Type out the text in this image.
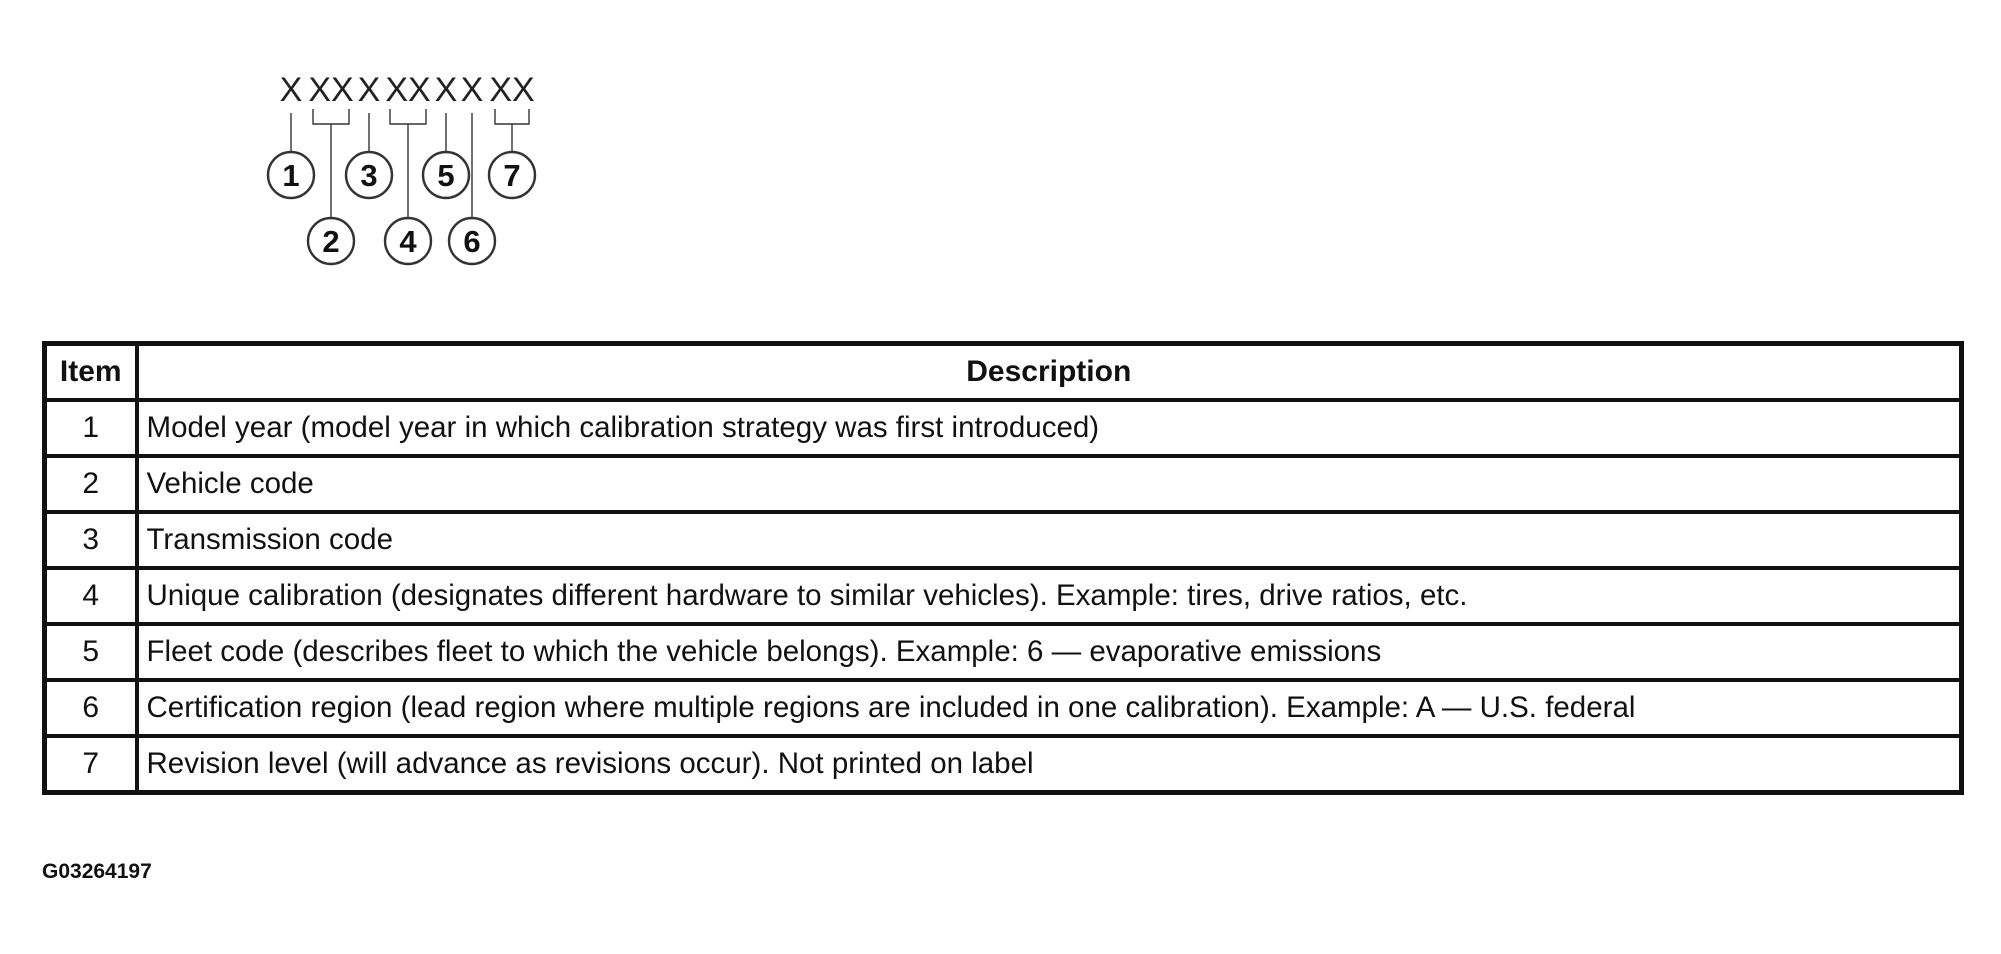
X XX X XX X X XX
1
2
3
4
5
6
7
Item	Description
1	Model year (model year in which calibration strategy was first introduced)
2	Vehicle code
3	Transmission code
4	Unique calibration (designates different hardware to similar vehicles). Example: tires, drive ratios, etc.
5	Fleet code (describes fleet to which the vehicle belongs). Example: 6 — evaporative emissions
6	Certification region (lead region where multiple regions are included in one calibration). Example: A — U.S. federal
7	Revision level (will advance as revisions occur). Not printed on label
G03264197
